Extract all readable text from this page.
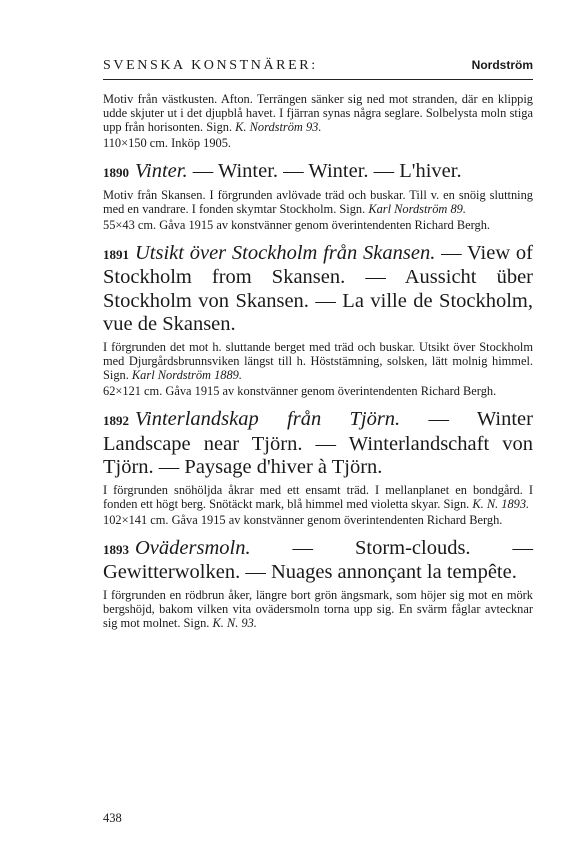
SVENSKA KONSTNÄRER:	Nordström

Motiv från västkusten. Afton. Terrängen sänker sig ned mot stranden, där en klippig udde skjuter ut i det djupblå havet. I fjärran synas några seglare. Solbelysta moln stiga upp från horisonten. Sign. K. Nordström 93.

110×150 cm. Inköp 1905.

1890 Vinter. — Winter. — Winter. — L'hiver.

Motiv från Skansen. I förgrunden avlövade träd och buskar. Till v. en snöig sluttning med en vandrare. I fonden skymtar Stockholm. Sign. Karl Nordström 89.

55×43 cm. Gåva 1915 av konstvänner genom överintendenten Richard Bergh.

1891 Utsikt över Stockholm från Skansen. — View of Stockholm from Skansen. — Aussicht über Stockholm von Skansen. — La ville de Stockholm, vue de Skansen.

I förgrunden det mot h. sluttande berget med träd och buskar. Utsikt över Stockholm med Djurgårdsbrunnsviken längst till h. Höststämning, solsken, lätt molnig himmel. Sign. Karl Nordström 1889.

62×121 cm. Gåva 1915 av konstvänner genom överintendenten Richard Bergh.

1892 Vinterlandskap från Tjörn. — Winter Landscape near Tjörn. — Winterlandschaft von Tjörn. — Paysage d'hiver à Tjörn.

I förgrunden snöhöljda åkrar med ett ensamt träd. I mellanplanet en bondgård. I fonden ett högt berg. Snötäckt mark, blå himmel med violetta skyar. Sign. K. N. 1893.

102×141 cm. Gåva 1915 av konstvänner genom överintendenten Richard Bergh.

1893 Ovädersmoln. — Storm-clouds. — Gewitterwolken. — Nuages annonçant la tempête.

I förgrunden en rödbrun åker, längre bort grön ängsmark, som höjer sig mot en mörk bergshöjd, bakom vilken vita ovädersmoln torna upp sig. En svärm fåglar avtecknar sig mot molnet. Sign. K. N. 93.

438
